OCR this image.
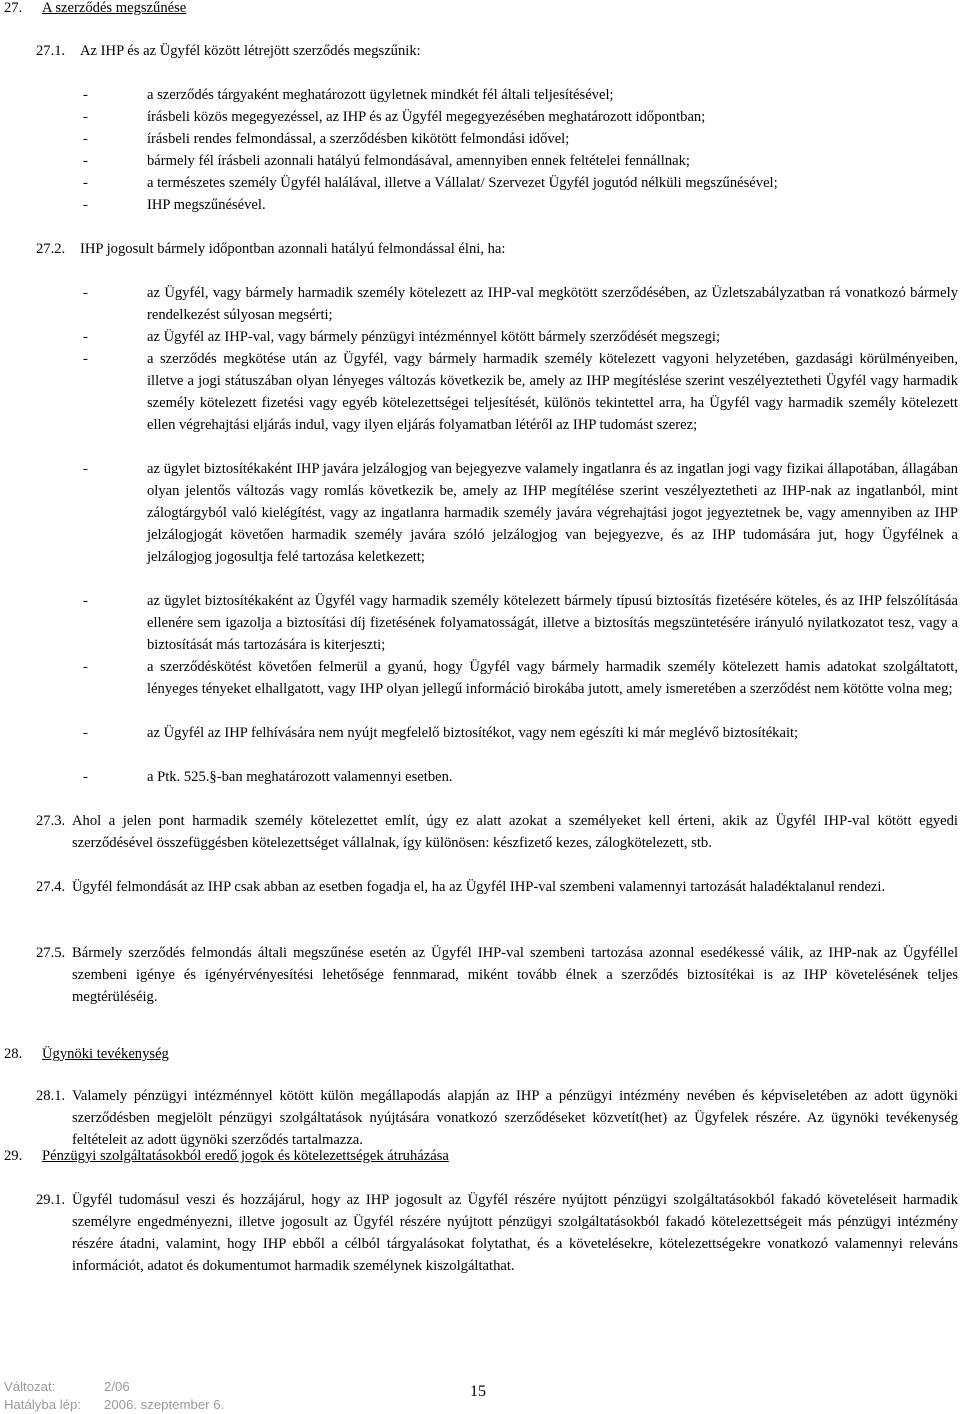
27. A szerződés megszűnése
27.1. Az IHP és az Ügyfél között létrejött szerződés megszűnik:
-	a szerződés tárgyaként meghatározott ügyletnek mindkét fél általi teljesítésével;
-	írásbeli közös megegyezéssel, az IHP és az Ügyfél megegyezésében meghatározott időpontban;
-	írásbeli rendes felmondással, a szerződésben kikötött felmondási idővel;
-	bármely fél írásbeli azonnali hatályú felmondásával, amennyiben ennek feltételei fennállnak;
-	a természetes személy Ügyfél halálával, illetve a Vállalat/ Szervezet Ügyfél jogutód nélküli megszűnésével;
-	IHP megszűnésével.
27.2. IHP jogosult bármely időpontban azonnali hatályú felmondással élni, ha:
-	az Ügyfél, vagy bármely harmadik személy kötelezett az IHP-val megkötött szerződésében, az Üzletszabályzatban rá vonatkozó bármely rendelkezést súlyosan megsérti;
-	az Ügyfél az IHP-val, vagy bármely pénzügyi intézménnyel kötött bármely szerződését megszegi;
-	a szerződés megkötése után az Ügyfél, vagy bármely harmadik személy kötelezett vagyoni helyzetében, gazdasági körülményeiben, illetve a jogi státuszában olyan lényeges változás következik be, amely az IHP megítéslése szerint veszélyeztetheti Ügyfél vagy harmadik személy kötelezett fizetési vagy egyéb kötelezettségei teljesítését, különös tekintettel arra, ha Ügyfél vagy harmadik személy kötelezett ellen végrehajtási eljárás indul, vagy ilyen eljárás folyamatban létéről az IHP tudomást szerez;
-	az ügylet biztosítékaként IHP javára jelzálogjog van bejegyezve valamely ingatlanra és az ingatlan jogi vagy fizikai állapotában, állagában olyan jelentős változás vagy romlás következik be, amely az IHP megítélése szerint veszélyeztetheti az IHP-nak az ingatlanból, mint zálogtárgyból való kielégítést, vagy az ingatlanra harmadik személy javára végrehajtási jogot jegyeztetnek be, vagy amennyiben az IHP jelzálogjogát követően harmadik személy javára szóló jelzálogjog van bejegyezve, és az IHP tudomására jut, hogy Ügyfélnek a jelzálogjog jogosultja felé tartozása keletkezett;
-	az ügylet biztosítékaként az Ügyfél vagy harmadik személy kötelezett bármely típusú biztosítás fizetésére köteles, és az IHP felszólításáa ellenére sem igazolja a biztosítási díj fizetésének folyamatosságát, illetve a biztosítás megszüntetésére irányuló nyilatkozatot tesz, vagy a biztosítását más tartozására is kiterjeszti;
-	a szerződéskötést követően felmerül a gyanú, hogy Ügyfél vagy bármely harmadik személy kötelezett hamis adatokat szolgáltatott, lényeges tényeket elhallgatott, vagy IHP olyan jellegű információ birokába jutott, amely ismeretében a szerződést nem kötötte volna meg;
-	az Ügyfél az IHP felhívására nem nyújt megfelelő biztosítékot, vagy nem egészíti ki már meglévő biztosítékait;
-	a Ptk. 525.§-ban meghatározott valamennyi esetben.
27.3. Ahol a jelen pont harmadik személy kötelezettet említ, úgy ez alatt azokat a személyeket kell érteni, akik az Ügyfél IHP-val kötött egyedi szerződésével összefüggésben kötelezettséget vállalnak, így különösen: készfizető kezes, zálogkötelezett, stb.
27.4. Ügyfél felmondását az IHP csak abban az esetben fogadja el, ha az Ügyfél IHP-val szembeni valamennyi tartozását haladéktalanul rendezi.
27.5. Bármely szerződés felmondás általi megszűnése esetén az Ügyfél IHP-val szembeni tartozása azonnal esedékessé válik, az IHP-nak az Ügyféllel szembeni igénye és igényérvényesítési lehetősége fennmarad, miként tovább élnek a szerződés biztosítékai is az IHP követelésének teljes megtérüléséig.
28. Ügynöki tevékenység
28.1. Valamely pénzügyi intézménnyel kötött külön megállapodás alapján az IHP a pénzügyi intézmény nevében és képviseletében az adott ügynöki szerződésben megjelölt pénzügyi szolgáltatások nyújtására vonatkozó szerződéseket közvetít(het) az Ügyfelek részére. Az ügynöki tevékenység feltételeit az adott ügynöki szerződés tartalmazza.
29. Pénzügyi szolgáltatásokból eredő jogok és kötelezettségek átruházása
29.1. Ügyfél tudomásul veszi és hozzájárul, hogy az IHP jogosult az Ügyfél részére nyújtott pénzügyi szolgáltatásokból fakadó követeléseit harmadik személyre engedményezni, illetve jogosult az Ügyfél részére nyújtott pénzügyi szolgáltatásokból fakadó kötelezettségeit más pénzügyi intézmény részére átadni, valamint, hogy IHP ebből a célból tárgyalásokat folytathat, és a követelésekre, kötelezettségekre vonatkozó valamennyi releváns információt, adatot és dokumentumot harmadik személynek kiszolgáltathat.
Változat:	2/06
Hatályba lép: 2006. szeptember 6.
15
